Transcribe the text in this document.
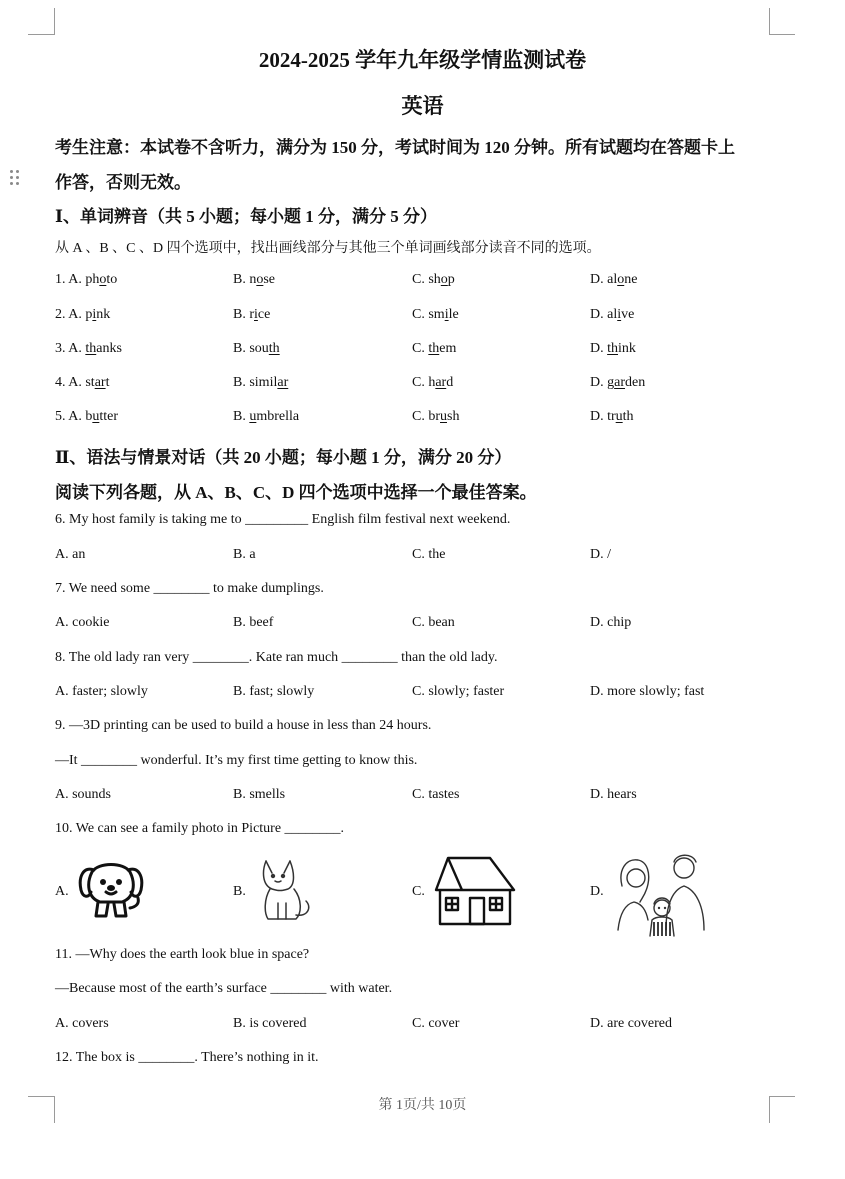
2024-2025 学年九年级学情监测试卷
英语
考生注意：本试卷不含听力，满分为 150 分，考试时间为 120 分钟。所有试题均在答题卡上
作答，否则无效。
Ⅰ、单词辨音（共 5 小题；每小题 1 分，满分 5 分）
从 A 、B 、C 、D 四个选项中，找出画线部分与其他三个单词画线部分读音不同的选项。
1. A. photo	B. nose	C. shop	D. alone
2. A. pink	B. rice	C. smile	D. alive
3. A. thanks	B. south	C. them	D. think
4. A. start	B. similar	C. hard	D. garden
5. A. butter	B. umbrella	C. brush	D. truth
Ⅱ、语法与情景对话（共 20 小题；每小题 1 分，满分 20 分）
阅读下列各题，从 A、B、C、D 四个选项中选择一个最佳答案。
6. My host family is taking me to _________ English film festival next weekend.
A. an	B. a	C. the	D. /
7. We need some ________ to make dumplings.
A. cookie	B. beef	C. bean	D. chip
8. The old lady ran very ________. Kate ran much ________ than the old lady.
A. faster; slowly	B. fast; slowly	C. slowly; faster	D. more slowly; fast
9. —3D printing can be used to build a house in less than 24 hours.
—It ________ wonderful. It’s my first time getting to know this.
A. sounds	B. smells	C. tastes	D. hears
10. We can see a family photo in Picture ________.
A.	B.	C.	D.
11. —Why does the earth look blue in space?
—Because most of the earth’s surface ________ with water.
A. covers	B. is covered	C. cover	D. are covered
12. The box is ________. There’s nothing in it.
第 1页/共 10页
